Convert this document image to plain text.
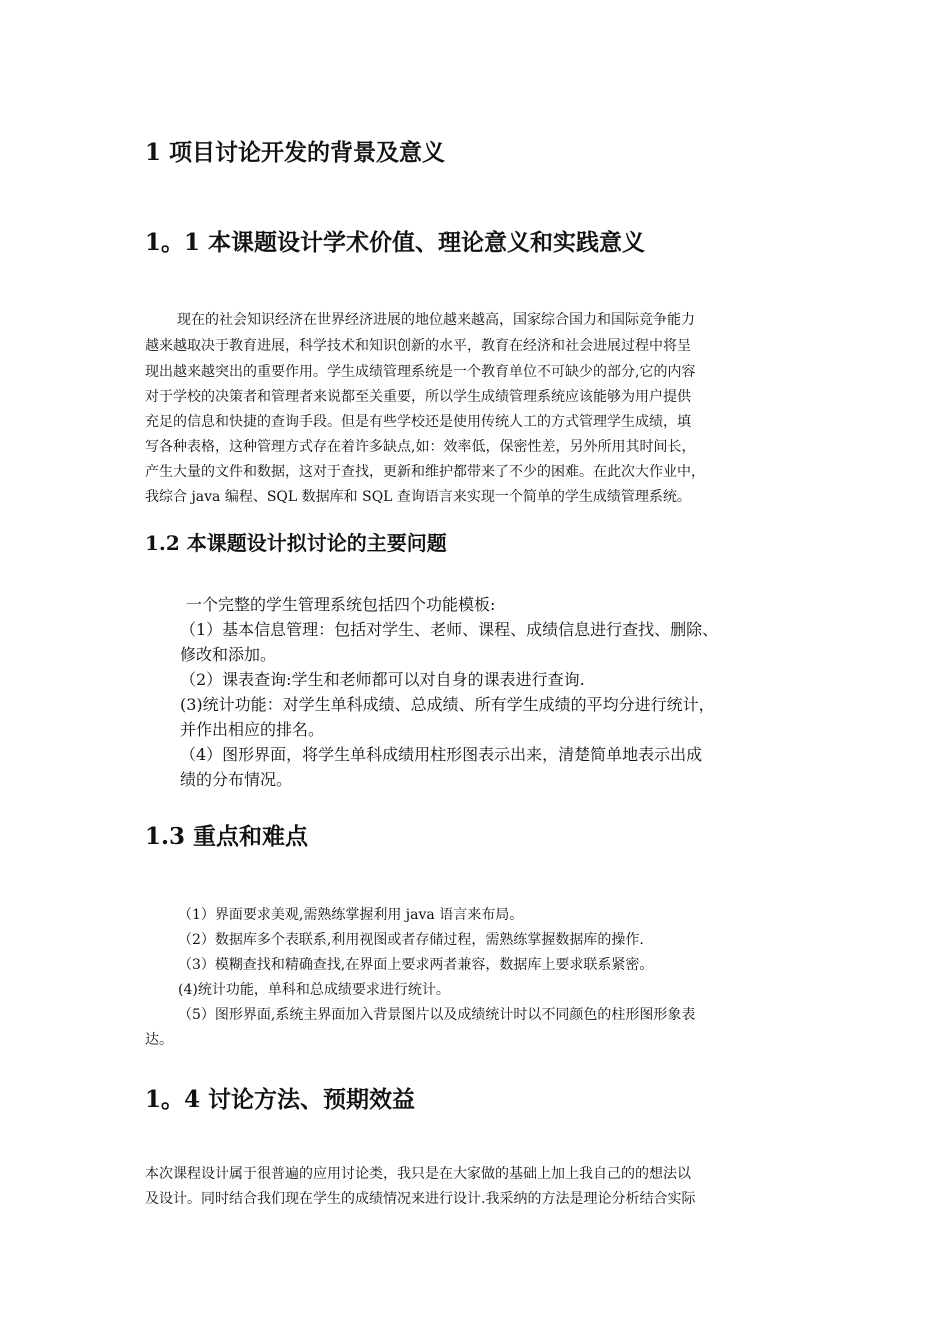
1 项目讨论开发的背景及意义
1。1 本课题设计学术价值、理论意义和实践意义

现在的社会知识经济在世界经济进展的地位越来越高，国家综合国力和国际竞争能力

越来越取决于教育进展，科学技术和知识创新的水平，教育在经济和社会进展过程中将呈

现出越来越突出的重要作用。学生成绩管理系统是一个教育单位不可缺少的部分,它的内容

对于学校的决策者和管理者来说都至关重要，所以学生成绩管理系统应该能够为用户提供

充足的信息和快捷的查询手段。但是有些学校还是使用传统人工的方式管理学生成绩，填

写各种表格，这种管理方式存在着许多缺点,如：效率低，保密性差，另外所用其时间长，

产生大量的文件和数据，这对于查找，更新和维护都带来了不少的困难。在此次大作业中，

我综合 java 编程、SQL 数据库和 SQL 查询语言来实现一个简单的学生成绩管理系统。

1.2 本课题设计拟讨论的主要问题

一个完整的学生管理系统包括四个功能模板:

（1）基本信息管理：包括对学生、老师、课程、成绩信息进行查找、删除、

修改和添加。

（2）课表查询:学生和老师都可以对自身的课表进行查询.

(3)统计功能：对学生单科成绩、总成绩、所有学生成绩的平均分进行统计，

并作出相应的排名。

（4）图形界面，将学生单科成绩用柱形图表示出来，清楚简单地表示出成

绩的分布情况。

1.3 重点和难点

（1）界面要求美观,需熟练掌握利用 java 语言来布局。

（2）数据库多个表联系,利用视图或者存储过程，需熟练掌握数据库的操作.

（3）模糊查找和精确查找,在界面上要求两者兼容，数据库上要求联系紧密。

(4)统计功能，单科和总成绩要求进行统计。

（5）图形界面,系统主界面加入背景图片以及成绩统计时以不同颜色的柱形图形象表

达。

1。4 讨论方法、预期效益

本次课程设计属于很普遍的应用讨论类，我只是在大家做的基础上加上我自己的的想法以

及设计。同时结合我们现在学生的成绩情况来进行设计.我采纳的方法是理论分析结合实际
